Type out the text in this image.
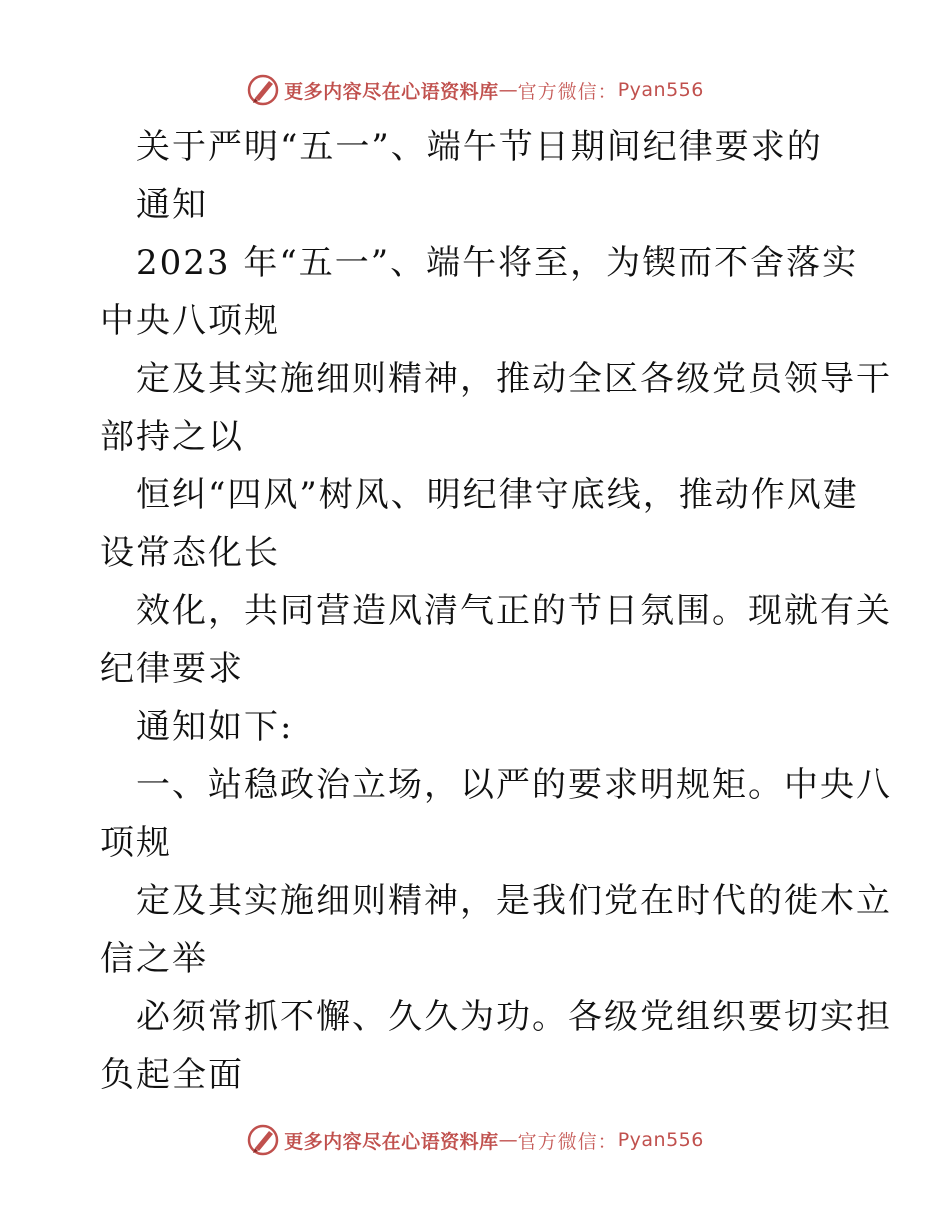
更多内容尽在心语资料库 — 官方微信： Pyan556
关于严明“五一”、端午节日期间纪律要求的
通知
2023 年“五一”、端午将至，为锲而不舍落实
中央八项规
定及其实施细则精神，推动全区各级党员领导干
部持之以
恒纠“四风”树风、明纪律守底线，推动作风建
设常态化长
效化，共同营造风清气正的节日氛围。现就有关
纪律要求
通知如下:
一、站稳政治立场，以严的要求明规矩。中央八
项规
定及其实施细则精神，是我们党在时代的徙木立
信之举
必须常抓不懈、久久为功。各级党组织要切实担
负起全面
更多内容尽在心语资料库 — 官方微信： Pyan556
